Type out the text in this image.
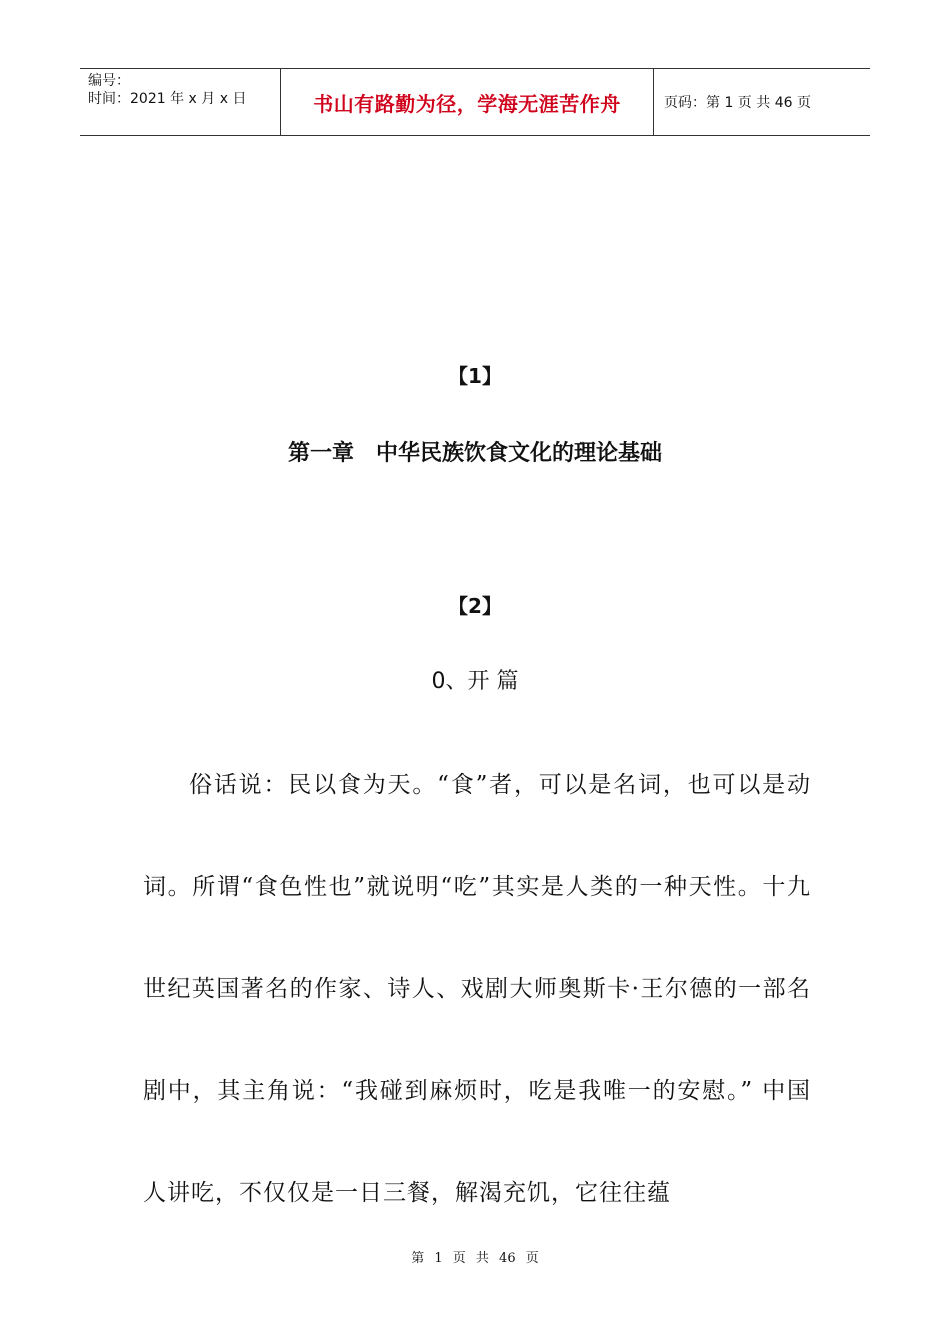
编号：
时间：2021 年 x 月 x 日	书山有路勤为径，学海无涯苦作舟	页码：第 1 页 共 46 页
【1】
第一章　中华民族饮食文化的理论基础
【2】
0、开 篇

俗话说：民以食为天。“食”者，可以是名词，也可以是动词。所谓“食色性也”就说明“吃”其实是人类的一种天性。十九世纪英国著名的作家、诗人、戏剧大师奥斯卡·王尔德的一部名剧中，其主角说：“我碰到麻烦时，吃是我唯一的安慰。” 中国人讲吃，不仅仅是一日三餐，解渴充饥，它往往蕴

第 1 页 共 46 页
